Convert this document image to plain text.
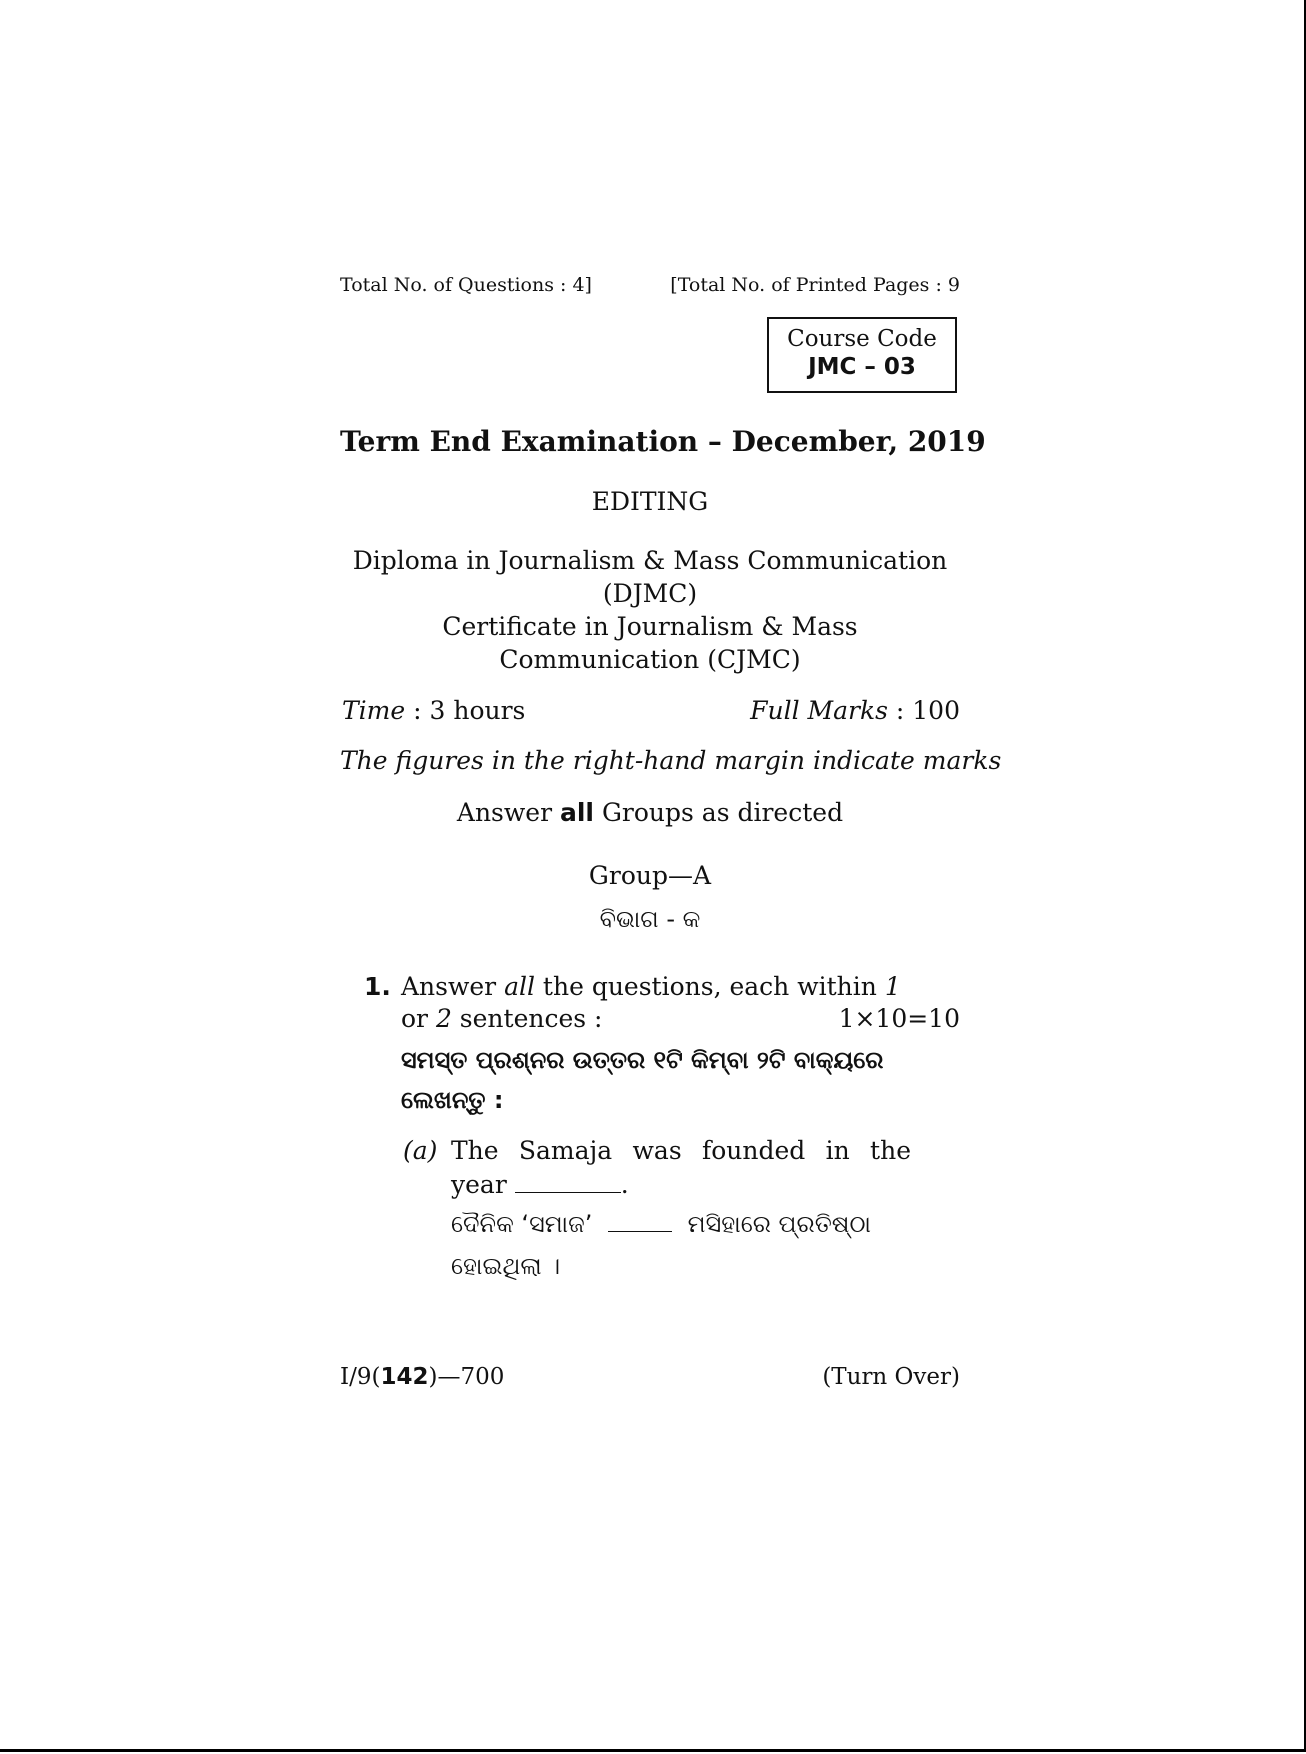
Total No. of Questions : 4]	[Total No. of Printed Pages : 9
Course Code
JMC – 03
Term End Examination – December, 2019
EDITING
Diploma in Journalism & Mass Communication
(DJMC)
Certificate in Journalism & Mass
Communication (CJMC)
Time : 3 hours	Full Marks : 100
The figures in the right-hand margin indicate marks
Answer all Groups as directed
Group—A
ବିଭାଗ - କ
1. Answer all the questions, each within 1
or 2 sentences :	1×10=10
ସମସ୍ତ ପ୍ରଶ୍ନର ଉତ୍ତର ୧ଟି କିମ୍ବା ୨ଟି ବାକ୍ୟରେ
ଲେଖନ୍ତୁ :
(a) The Samaja was founded in the
year	.
ଦୈନିକ ‘ସମାଜ’	ମସିହାରେ ପ୍ରତିଷ୍ଠା
ହୋଇଥିଲା ।
I/9(142)—700	(Turn Over)
